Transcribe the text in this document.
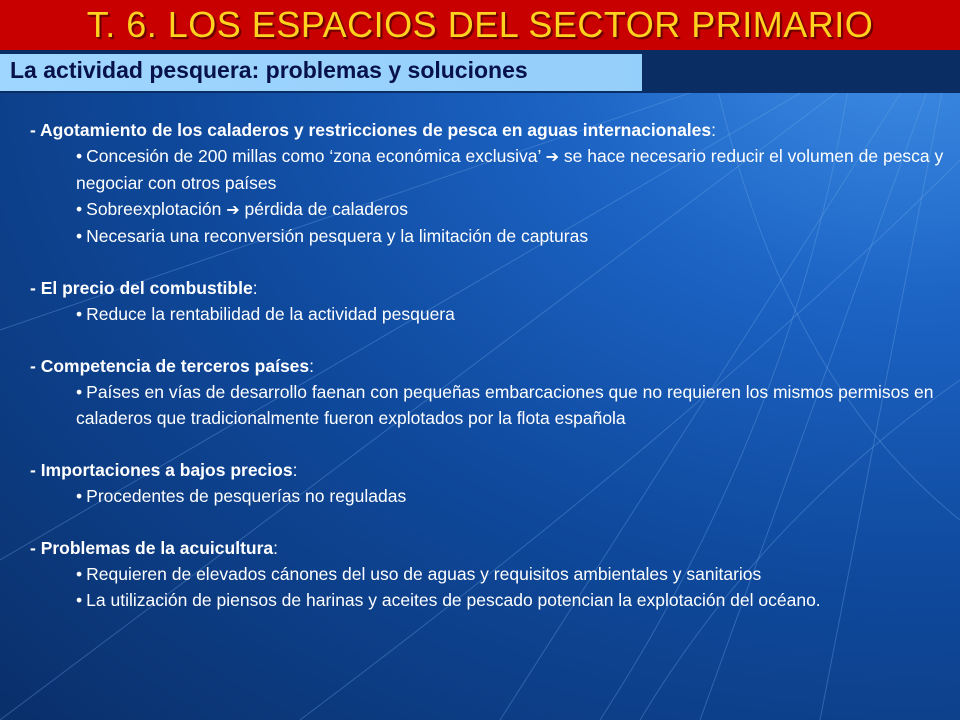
T. 6. LOS ESPACIOS DEL SECTOR PRIMARIO
La actividad pesquera: problemas y soluciones
- Agotamiento de los caladeros y restricciones de pesca en aguas internacionales:
• Concesión de 200 millas como ‘zona económica exclusiva’ ➔ se hace necesario reducir el volumen de pesca y negociar con otros países
• Sobreexplotación ➔ pérdida de caladeros
• Necesaria una reconversión pesquera y la limitación de capturas
- El precio del combustible:
• Reduce la rentabilidad de la actividad pesquera
- Competencia de terceros países:
• Países en vías de desarrollo faenan con pequeñas embarcaciones que no requieren los mismos permisos en caladeros que tradicionalmente fueron explotados por la flota española
- Importaciones a bajos precios:
• Procedentes de pesquerías no reguladas
- Problemas de la acuicultura:
• Requieren de elevados cánones del uso de aguas y requisitos ambientales y sanitarios
• La utilización de piensos de harinas y aceites de pescado potencian la explotación del océano.
